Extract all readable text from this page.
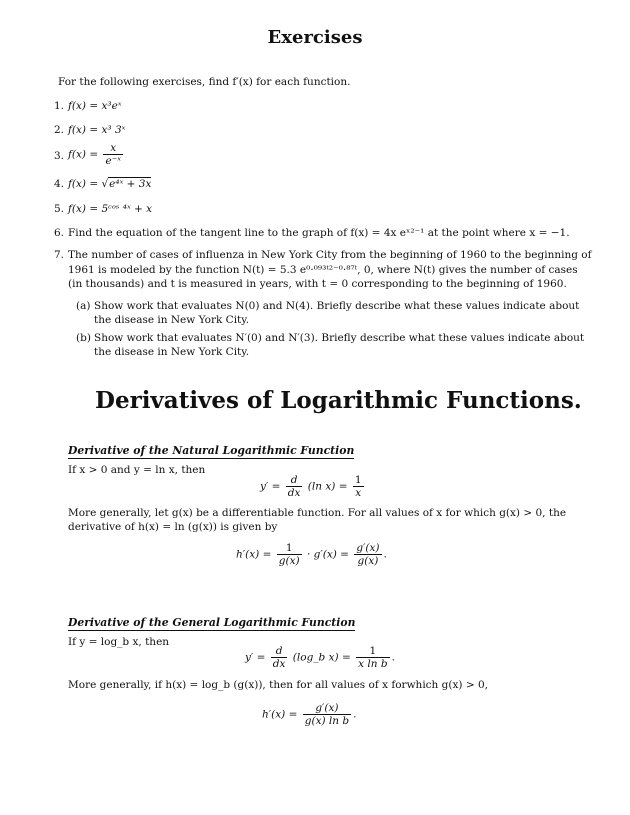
Exercises
For the following exercises, find f′(x) for each function.
1. f(x) = x³eˣ
2. f(x) = x³ 3ˣ
3. $f(x) = \frac{x}{\text{e⁻ˣ}}$
4. f(x) = √e⁴ˣ + 3x
5. f(x) = 5ᶜᵒˢ ⁴ˣ + x
6. Find the equation of the tangent line to the graph of f(x) = 4x eˣ²⁻¹ at the point where x = −1.
7. The number of cases of influenza in New York City from the beginning of 1960 to the beginning of
1961 is modeled by the function N(t) = 5.3 e⁰·⁰⁹³ᵗ²⁻⁰·⁸⁷ᵗ, 0, where N(t) gives the number of cases
(in thousands) and t is measured in years, with t = 0 corresponding to the beginning of 1960.
(a) Show work that evaluates N(0) and N(4). Briefly describe what these values indicate about
the disease in New York City.
(b) Show work that evaluates N′(0) and N′(3). Briefly describe what these values indicate about
the disease in New York City.
Derivatives of Logarithmic Functions.
Derivative of the Natural Logarithmic Function
If x > 0 and y = ln x, then
$y' = \frac{d}{dx} (\ln$ $x) = \frac{1}{x}$
More generally, let g(x) be a differentiable function. For all values of x for which g(x) > 0, the
derivative of h(x) = ln (g(x)) is given by
$h'(x) = \frac{1}{g(x)} \cdot g'(x) = \frac{g'(x)}{g(x)}$ .
Derivative of the General Logarithmic Function
If y = log_b x, then
$y' = \frac{d}{dx}$ (log_b $x) = \frac{1}{\text{x ln b}}$ .
More generally, if h(x) = log_b (g(x)), then for all values of x forwhich g(x) > 0,
$h'(x) = \frac{g'(x)}{\text{g(x) ln b}}$ .
